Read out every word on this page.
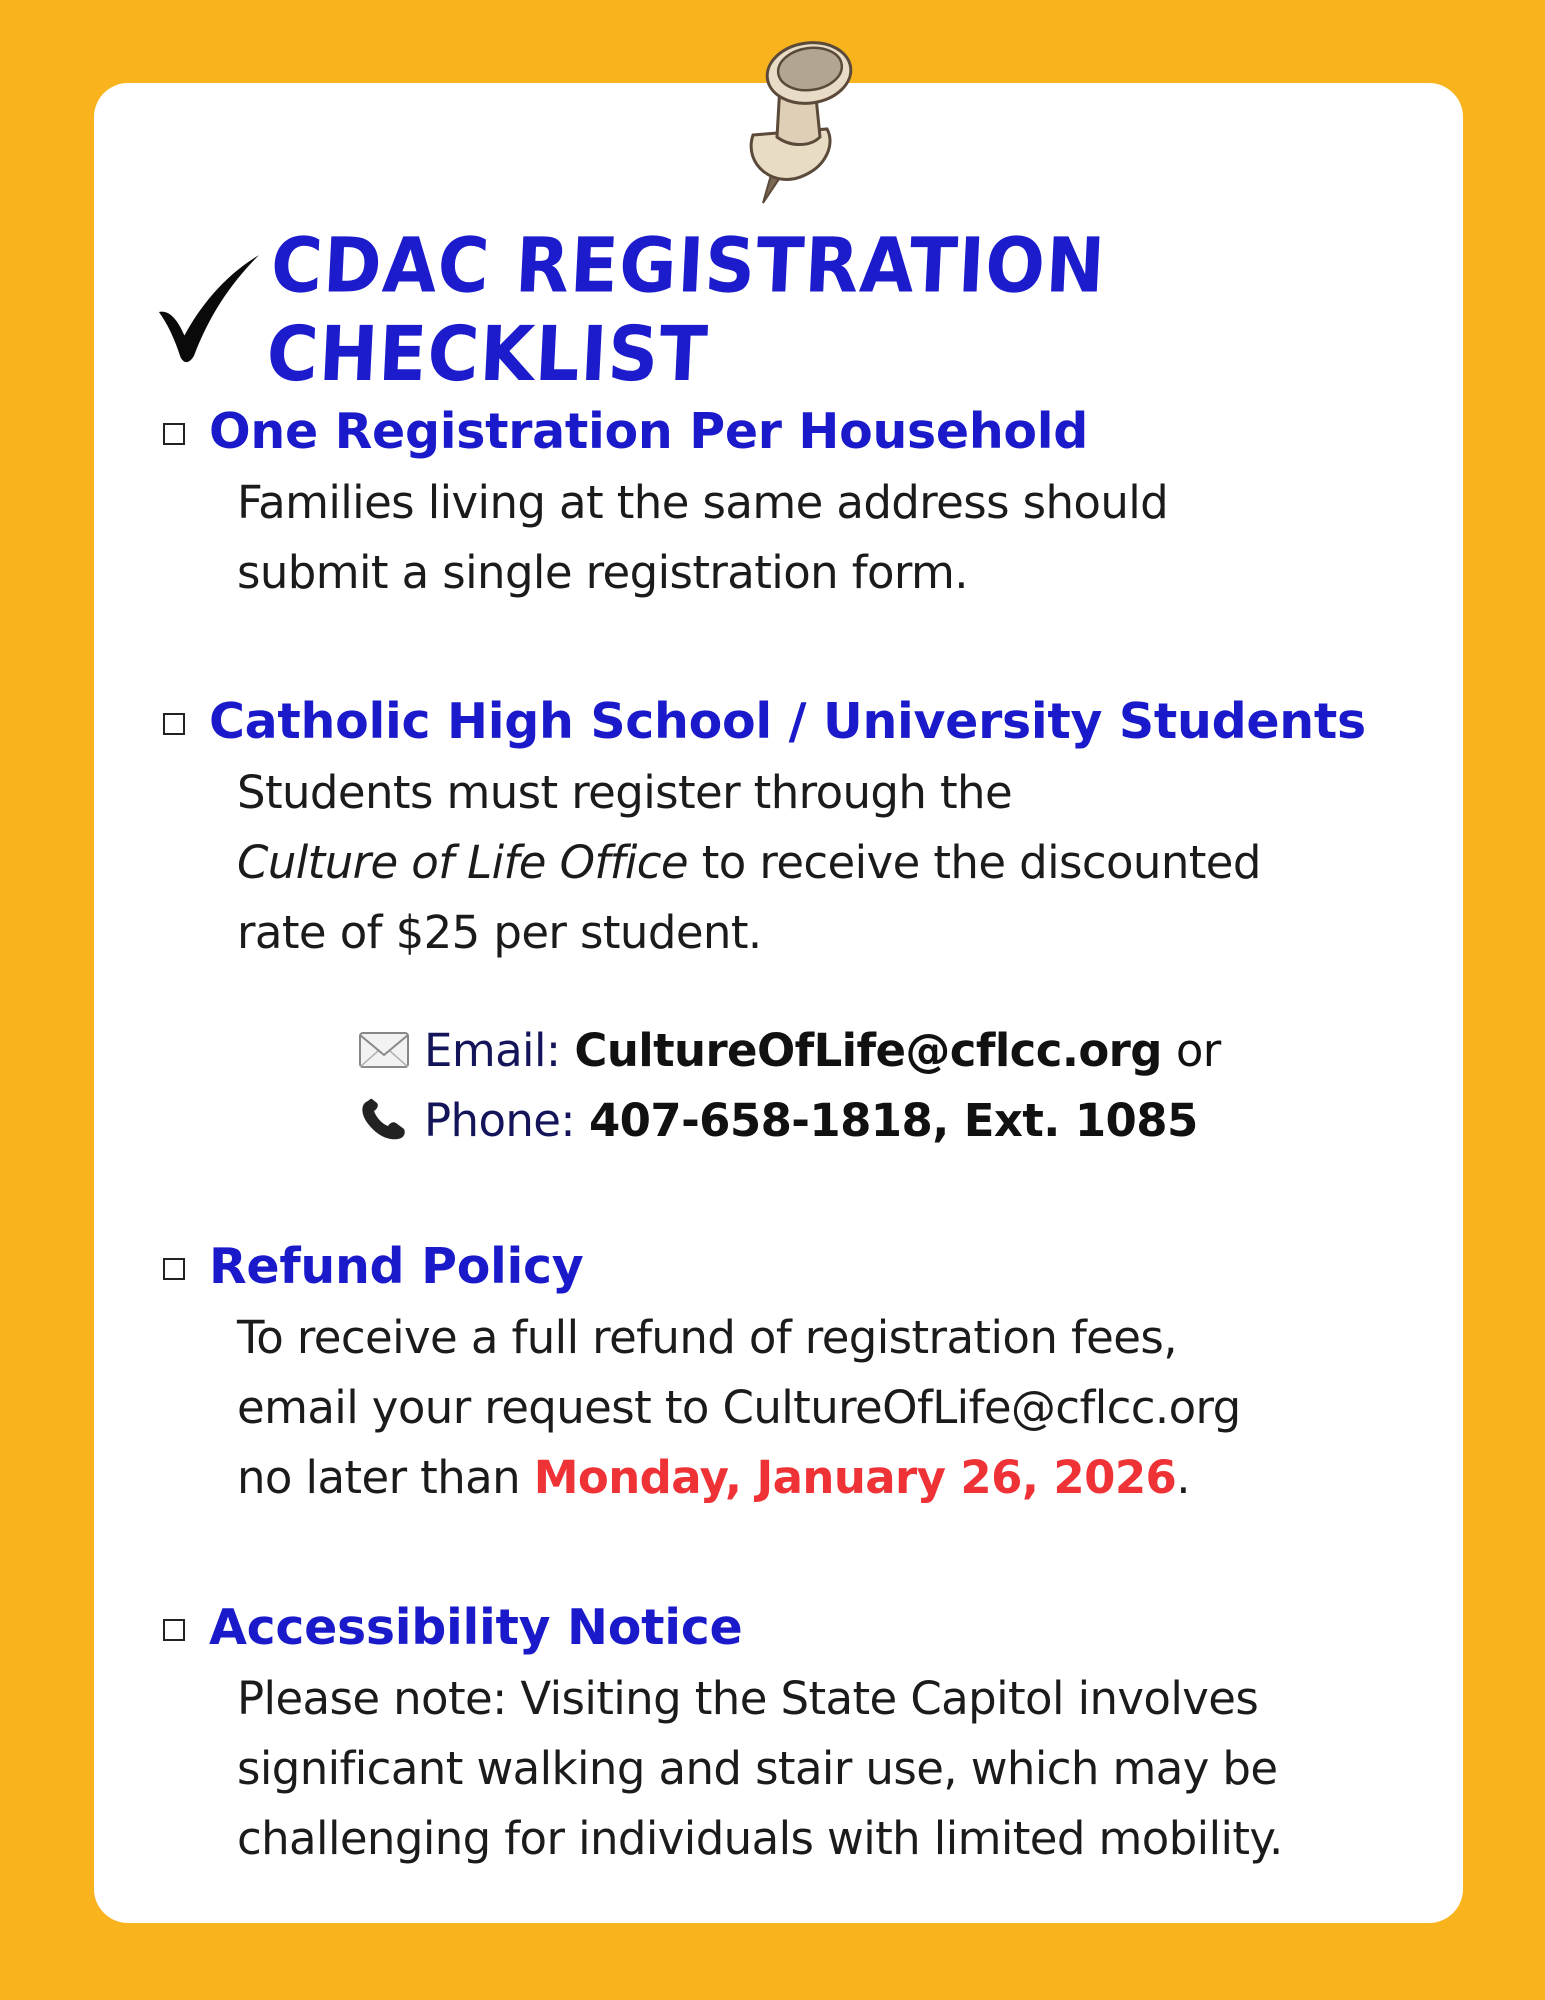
CDAC REGISTRATION CHECKLIST
One Registration Per Household
Families living at the same address should
submit a single registration form.
Catholic High School / University Students
Students must register through the
Culture of Life Office to receive the discounted
rate of $25 per student.
Email: CultureOfLife@cflcc.org or
Phone: 407-658-1818, Ext. 1085
Refund Policy
To receive a full refund of registration fees,
email your request to CultureOfLife@cflcc.org
no later than Monday, January 26, 2026.
Accessibility Notice
Please note: Visiting the State Capitol involves
significant walking and stair use, which may be
challenging for individuals with limited mobility.
